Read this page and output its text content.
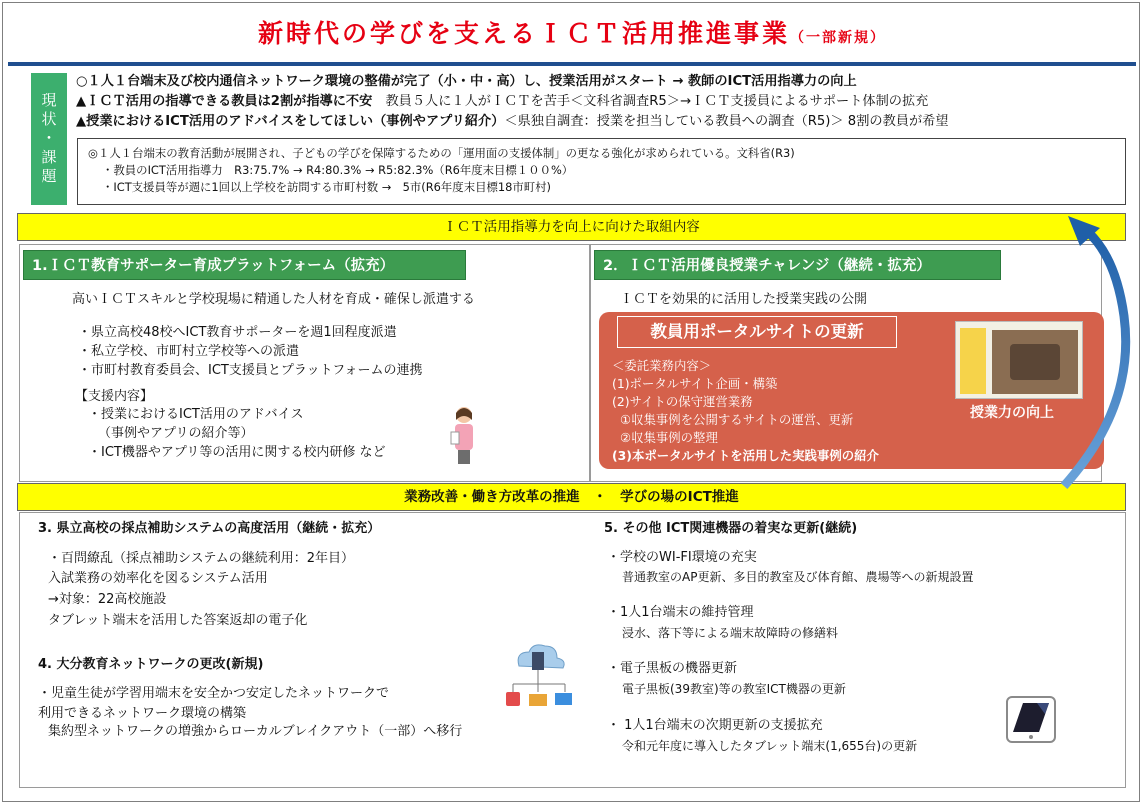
新時代の学びを支えるＩＣＴ活用推進事業（一部新規）
現状・課題
○１人１台端末及び校内通信ネットワーク環境の整備が完了（小・中・高）し、授業活用がスタート → 教師のICT活用指導力の向上
▲ＩＣＴ活用の指導できる教員は2割が指導に不安　教員５人に１人がＩＣＴを苦手＜文科省調査R5＞→ＩＣＴ支援員によるサポート体制の拡充
▲授業におけるICT活用のアドバイスをしてほしい（事例やアプリ紹介）＜県独自調査：授業を担当している教員への調査（R5)＞ 8割の教員が希望
◎１人１台端末の教育活動が展開され、子どもの学びを保障するための「運用面の支援体制」の更なる強化が求められている。文科省(R3)
・教員のICT活用指導力　R3:75.7% → R4:80.3% → R5:82.3%（R6年度末目標１００%）
・ICT支援員等が週に1回以上学校を訪問する市町村数 →　5市(R6年度末目標18市町村)
ＩＣＴ活用指導力を向上に向けた取組内容
1.ＩＣＴ教育サポーター育成プラットフォーム（拡充）
高いＩＣＴスキルと学校現場に精通した人材を育成・確保し派遣する
・県立高校48校へICT教育サポーターを週1回程度派遣
・私立学校、市町村立学校等への派遣
・市町村教育委員会、ICT支援員とプラットフォームの連携
【支援内容】
・授業におけるICT活用のアドバイス
（事例やアプリの紹介等）
・ICT機器やアプリ等の活用に関する校内研修 など
2．ＩＣＴ活用優良授業チャレンジ（継続・拡充）
ＩＣＴを効果的に活用した授業実践の公開
教員用ポータルサイトの更新
＜委託業務内容＞
(1)ポータルサイト企画・構築
(2)サイトの保守運営業務
①収集事例を公開するサイトの運営、更新
②収集事例の整理
(3)本ポータルサイトを活用した実践事例の紹介
授業力の向上
業務改善・働き方改革の推進　・　学びの場のICT推進
3. 県立高校の採点補助システムの高度活用（継続・拡充）
・百問繚乱（採点補助システムの継続利用：2年目）
入試業務の効率化を図るシステム活用
→対象：22高校施設
タブレット端末を活用した答案返却の電子化
4. 大分教育ネットワークの更改(新規)
・児童生徒が学習用端末を安全かつ安定したネットワークで
利用できるネットワーク環境の構築
集約型ネットワークの増強からローカルブレイクアウト（一部）へ移行
5. その他 ICT関連機器の着実な更新(継続)
・学校のWI-FI環境の充実
普通教室のAP更新、多目的教室及び体育館、農場等への新規設置
・1人1台端末の維持管理
浸水、落下等による端末故障時の修繕料
・電子黒板の機器更新
電子黒板(39教室)等の教室ICT機器の更新
・ 1人1台端末の次期更新の支援拡充
令和元年度に導入したタブレット端末(1,655台)の更新
